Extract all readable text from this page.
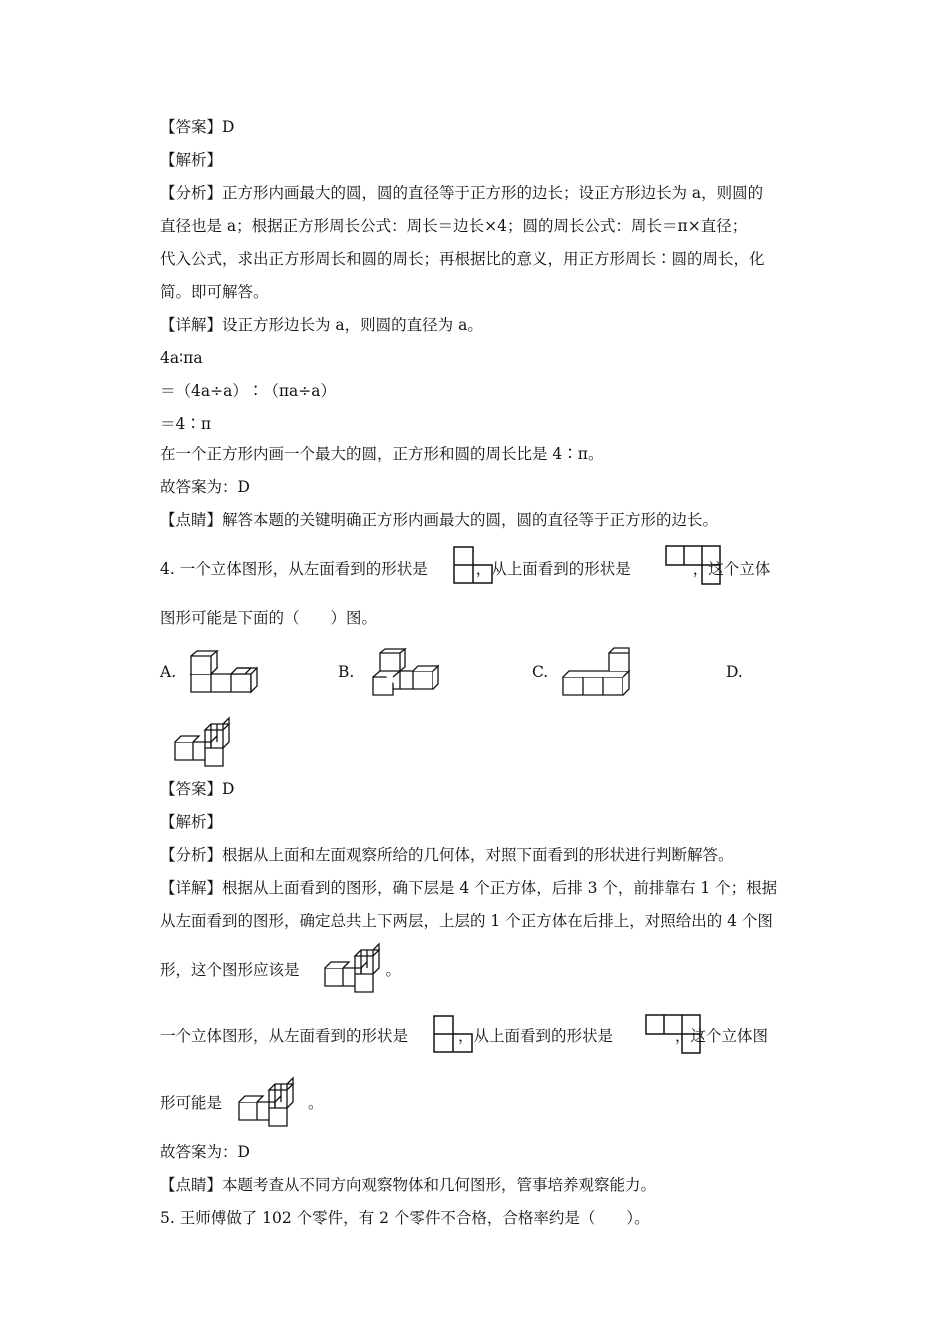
【答案】D
【解析】
【分析】正方形内画最大的圆，圆的直径等于正方形的边长；设正方形边长为 a，则圆的
直径也是 a；根据正方形周长公式：周长＝边长×4；圆的周长公式：周长＝π×直径；
代入公式，求出正方形周长和圆的周长；再根据比的意义，用正方形周长∶圆的周长，化
简。即可解答。
【详解】设正方形边长为 a，则圆的直径为 a。
4a∶πa
＝（4a÷a）∶（πa÷a）
＝4∶π
在一个正方形内画一个最大的圆，正方形和圆的周长比是 4∶π。
故答案为：D
【点睛】解答本题的关键明确正方形内画最大的圆，圆的直径等于正方形的边长。
4. 一个立体图形，从左面看到的形状是	，从上面看到的形状是	，这个立体
图形可能是下面的（　　）图。
A.	B.	C.	D.
【答案】D
【解析】
【分析】根据从上面和左面观察所给的几何体，对照下面看到的形状进行判断解答。
【详解】根据从上面看到的图形，确下层是 4 个正方体，后排 3 个，前排靠右 1 个；根据
从左面看到的图形，确定总共上下两层，上层的 1 个正方体在后排上，对照给出的 4 个图
形，这个图形应该是	。
一个立体图形，从左面看到的形状是	，从上面看到的形状是	，这个立体图
形可能是	。
故答案为：D
【点睛】本题考查从不同方向观察物体和几何图形，管事培养观察能力。
5. 王师傅做了 102 个零件，有 2 个零件不合格，合格率约是（　　）。
